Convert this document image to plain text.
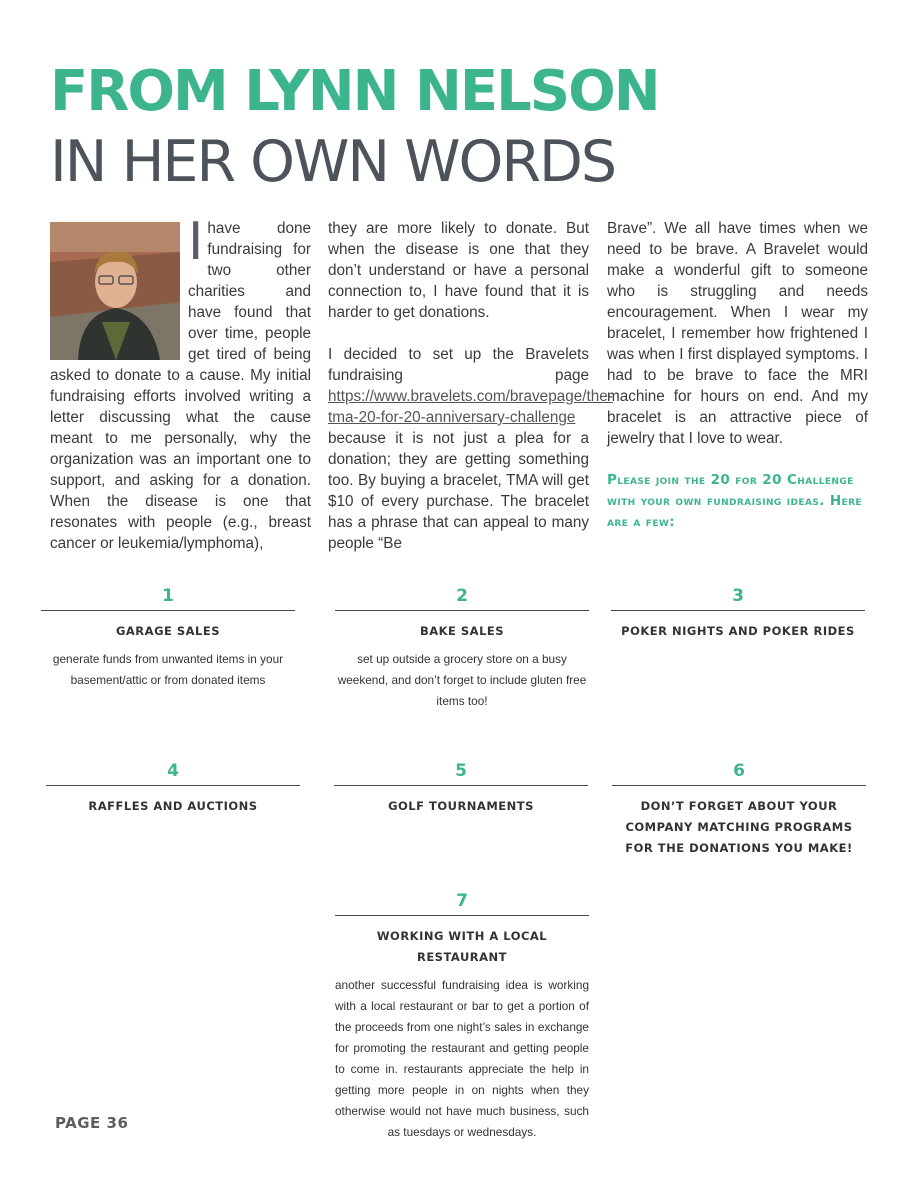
FROM LYNN NELSON
IN HER OWN WORDS
I have done fundraising for two other charities and have found that over time, people get tired of being asked to donate to a cause. My initial fundraising efforts involved writing a letter discussing what the cause meant to me personally, why the organization was an important one to support, and asking for a donation. When the disease is one that resonates with people (e.g., breast cancer or leukemia/lymphoma),

they are more likely to donate. But when the disease is one that they don’t understand or have a personal connection to, I have found that it is harder to get donations.

I decided to set up the Bravelets fundraising page https://www.bravelets.com/bravepage/the-tma-20-for-20-anniversary-challenge because it is not just a plea for a donation; they are getting something too. By buying a bracelet, TMA will get $10 of every purchase. The bracelet has a phrase that can appeal to many people “Be

Brave”. We all have times when we need to be brave. A Bravelet would make a wonderful gift to someone who is struggling and needs encouragement. When I wear my bracelet, I remember how frightened I was when I first displayed symptoms. I had to be brave to face the MRI machine for hours on end. And my bracelet is an attractive piece of jewelry that I love to wear.

Please join the 20 for 20 Challenge with your own fundraising ideas. Here are a few:

1
GARAGE SALES
generate funds from unwanted items in your basement/attic or from donated items
2
BAKE SALES
set up outside a grocery store on a busy weekend, and don’t forget to include gluten free items too!
3
POKER NIGHTS AND POKER RIDES
4
RAFFLES AND AUCTIONS
5
GOLF TOURNAMENTS
6
DON’T FORGET ABOUT YOUR COMPANY MATCHING PROGRAMS FOR THE DONATIONS YOU MAKE!
7
WORKING WITH A LOCAL RESTAURANT
another successful fundraising idea is working with a local restaurant or bar to get a portion of the proceeds from one night’s sales in exchange for promoting the restaurant and getting people to come in. restaurants appreciate the help in getting more people in on nights when they otherwise would not have much business, such as tuesdays or wednesdays.
PAGE 36
